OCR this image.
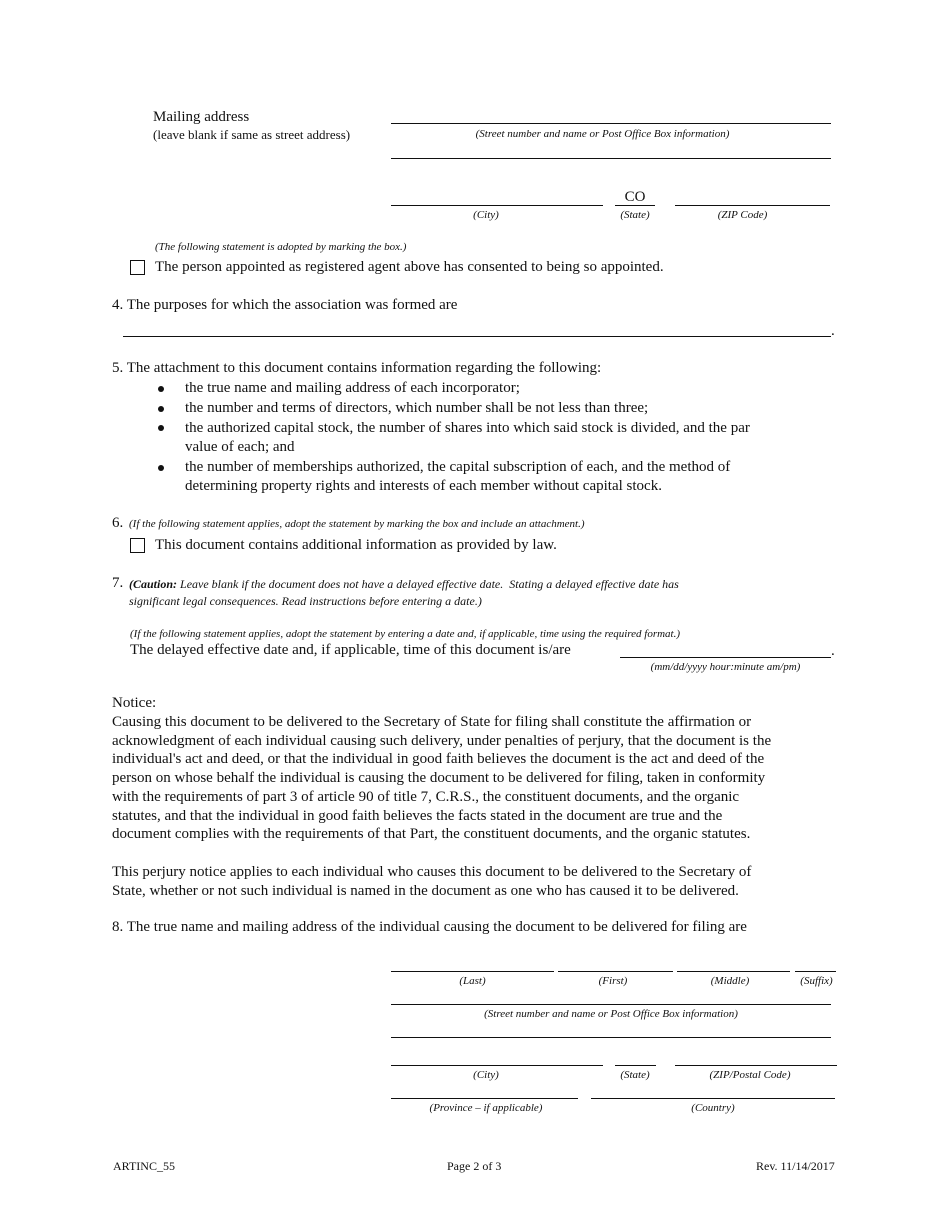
Mailing address
(leave blank if same as street address)	(Street number and name or Post Office Box information)
(City)
CO
(State)	(ZIP Code)
(The following statement is adopted by marking the box.)
The person appointed as registered agent above has consented to being so appointed.
4. The purposes for which the association was formed are
.
5. The attachment to this document contains information regarding the following:
the true name and mailing address of each incorporator;
the number and terms of directors, which number shall be not less than three;
the authorized capital stock, the number of shares into which said stock is divided, and the par
value of each; and
the number of memberships authorized, the capital subscription of each, and the method of
determining property rights and interests of each member without capital stock.
6. (If the following statement applies, adopt the statement by marking the box and include an attachment.)
This document contains additional information as provided by law.
7. (Caution: Leave blank if the document does not have a delayed effective date.  Stating a delayed effective date has
significant legal consequences. Read instructions before entering a date.)
(If the following statement applies, adopt the statement by entering a date and, if applicable, time using the required format.)
The delayed effective date and, if applicable, time of this document is/are	.
(mm/dd/yyyy hour:minute am/pm)
Notice:
Causing this document to be delivered to the Secretary of State for filing shall constitute the affirmation or
acknowledgment of each individual causing such delivery, under penalties of perjury, that the document is the
individual's act and deed, or that the individual in good faith believes the document is the act and deed of the
person on whose behalf the individual is causing the document to be delivered for filing, taken in conformity
with the requirements of part 3 of article 90 of title 7, C.R.S., the constituent documents, and the organic
statutes, and that the individual in good faith believes the facts stated in the document are true and the
document complies with the requirements of that Part, the constituent documents, and the organic statutes.
This perjury notice applies to each individual who causes this document to be delivered to the Secretary of
State, whether or not such individual is named in the document as one who has caused it to be delivered.
8. The true name and mailing address of the individual causing the document to be delivered for filing are
(Last)	(First)	(Middle)	(Suffix)
(Street number and name or Post Office Box information)
(City)	(State)	(ZIP/Postal Code)
(Province – if applicable)	(Country)
ARTINC_55	Page 2 of 3	Rev. 11/14/2017
